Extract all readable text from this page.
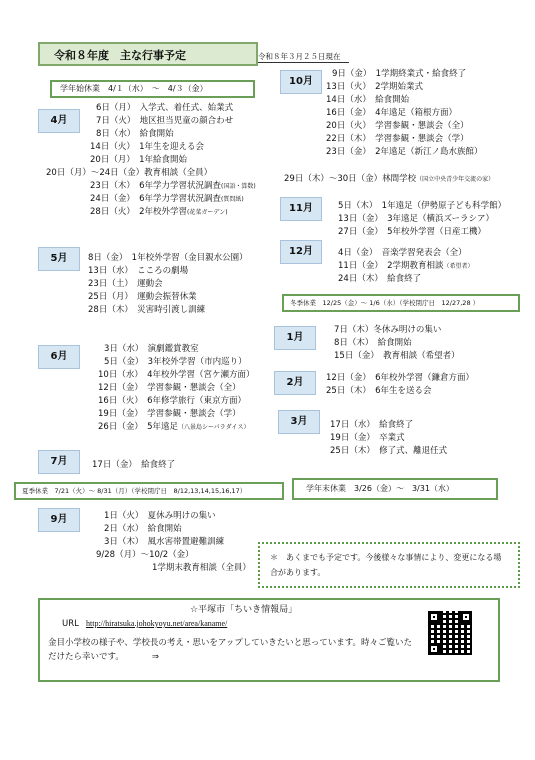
令和８年度　主な行事予定	令和８年３月２５日現在
学年始休業　4/１（水）　～　4/３（金）
4月
6日（月）　入学式、着任式、始業式
7日（火）　地区担当児童の顔合わせ
8日（水）　給食開始
14日（火）　1年生を迎える会
20日（月）　1年給食開始
20日（月）～24日（金）教育相談（全員）
23日（木）　6年学力学習状況調査(国語・算数)
24日（金）　6年学力学習状況調査(質問紙)
28日（火）　2年校外学習(花菜ガーデン)
5月	8日（金）　1年校外学習（金目親水公園）
13日（水）　こころの劇場
23日（土）　運動会
25日（月）　運動会振替休業
28日（木）　災害時引渡し訓練
6月
3日（水）　演劇鑑賞教室
5日（金）　3年校外学習（市内巡り）
10日（水）　4年校外学習（宮ケ瀬方面）
12日（金）　学習参観・懇談会（全）
16日（火）　6年修学旅行（東京方面）
19日（金）　学習参観・懇談会（学）
26日（金）　5年遠足（八景島シーパラダイス）
7月	17日（金）　給食終了
夏季休業　7/21（火）～ 8/31（月）（学校閉庁日　8/12,13,14,15,16,17）
9月	1日（火）　夏休み明けの集い
2日（水）　給食開始
3日（木）　風水害帯置避難訓練
9/28（月）～10/2（金）
1学期末教育相談（全員）
10月
9日（金）　1学期終業式・給食終了
13日（火）　2学期始業式
14日（水）　給食開始
16日（金）　4年遠足（箱根方面）
20日（火）　学習参観・懇談会（全）
22日（木）　学習参観・懇談会（学）
23日（金）　2年遠足（新江ノ島水族館）
29日（木）～30日（金）林間学校（国立中央青少年交流の家）
11月	5日（木）　1年遠足（伊勢原子ども科学館）
13日（金）　3年遠足（横浜ズーラシア）
27日（金）　5年校外学習（日産工機）
12月	4日（金）　音楽学習発表会（全）
11日（金）　2学期教育相談（希望者）
24日（木）　給食終了
冬季休業　12/25（金）～ 1/6（水）（学校閉庁日　12/27,28 ）
1月
7日（木）冬休み明けの集い
8日（木）　給食開始
15日（金）　教育相談（希望者）
2月	12日（金）　6年校外学習（鎌倉方面）
25日（木）　6年生を送る会
3月	17日（水）　給食終了
19日（金）　卒業式
25日（木）　修了式、離退任式
学年末休業　3/26（金）～　3/31（水）
＊　あくまでも予定です。今後様々な事情により、変更になる場合があります。
☆平塚市「ちいき情報局」
URL http://hiratsuka.johokyoyu.net/area/kaname/
金目小学校の様子や、学校長の考え・思いをアップしていきたいと思っています。時々ご覧いただけたら幸いです。	⇒
